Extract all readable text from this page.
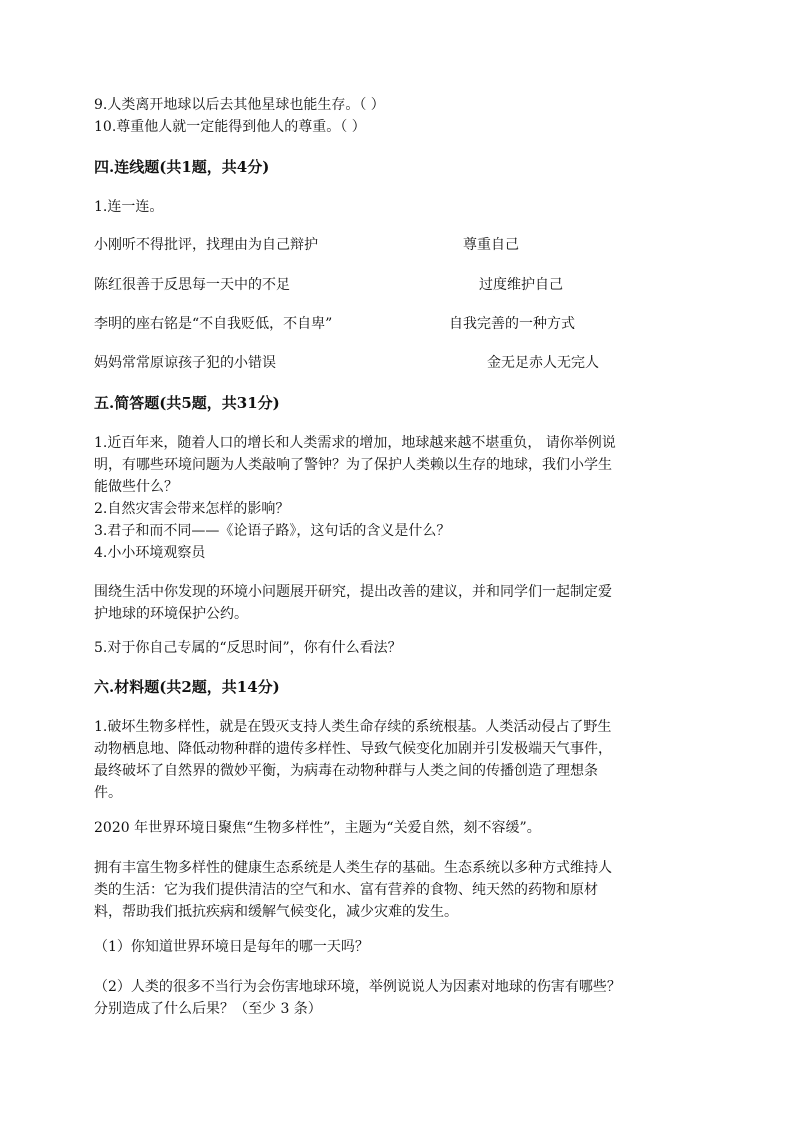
9.人类离开地球以后去其他星球也能生存。（ ）
10.尊重他人就一定能得到他人的尊重。（ ）
四.连线题(共1题，共4分)
1.连一连。
小刚听不得批评，找理由为自己辩护	尊重自己
陈红很善于反思每一天中的不足	过度维护自己
李明的座右铭是“不自我贬低，不自卑”	自我完善的一种方式
妈妈常常原谅孩子犯的小错误	金无足赤人无完人
五.简答题(共5题，共31分)
1.近百年来，随着人口的增长和人类需求的增加，地球越来越不堪重负， 请你举例说
明，有哪些环境问题为人类敲响了警钟？为了保护人类赖以生存的地球，我们小学生
能做些什么？
2.自然灾害会带来怎样的影响？
3.君子和而不同——《论语子路》，这句话的含义是什么？
4.小小环境观察员
围绕生活中你发现的环境小问题展开研究，提出改善的建议，并和同学们一起制定爱
护地球的环境保护公约。
5.对于你自己专属的“反思时间”，你有什么看法？
六.材料题(共2题，共14分)
1.破坏生物多样性，就是在毁灭支持人类生命存续的系统根基。人类活动侵占了野生
动物栖息地、降低动物种群的遗传多样性、导致气候变化加剧并引发极端天气事件，
最终破坏了自然界的微妙平衡，为病毒在动物种群与人类之间的传播创造了理想条
件。
2020 年世界环境日聚焦“生物多样性”，主题为“关爱自然，刻不容缓”。
拥有丰富生物多样性的健康生态系统是人类生存的基础。生态系统以多种方式维持人
类的生活：它为我们提供清洁的空气和水、富有营养的食物、纯天然的药物和原材
料，帮助我们抵抗疾病和缓解气候变化，减少灾难的发生。
（1）你知道世界环境日是每年的哪一天吗？
（2）人类的很多不当行为会伤害地球环境，举例说说人为因素对地球的伤害有哪些？
分别造成了什么后果？（至少 3 条）
